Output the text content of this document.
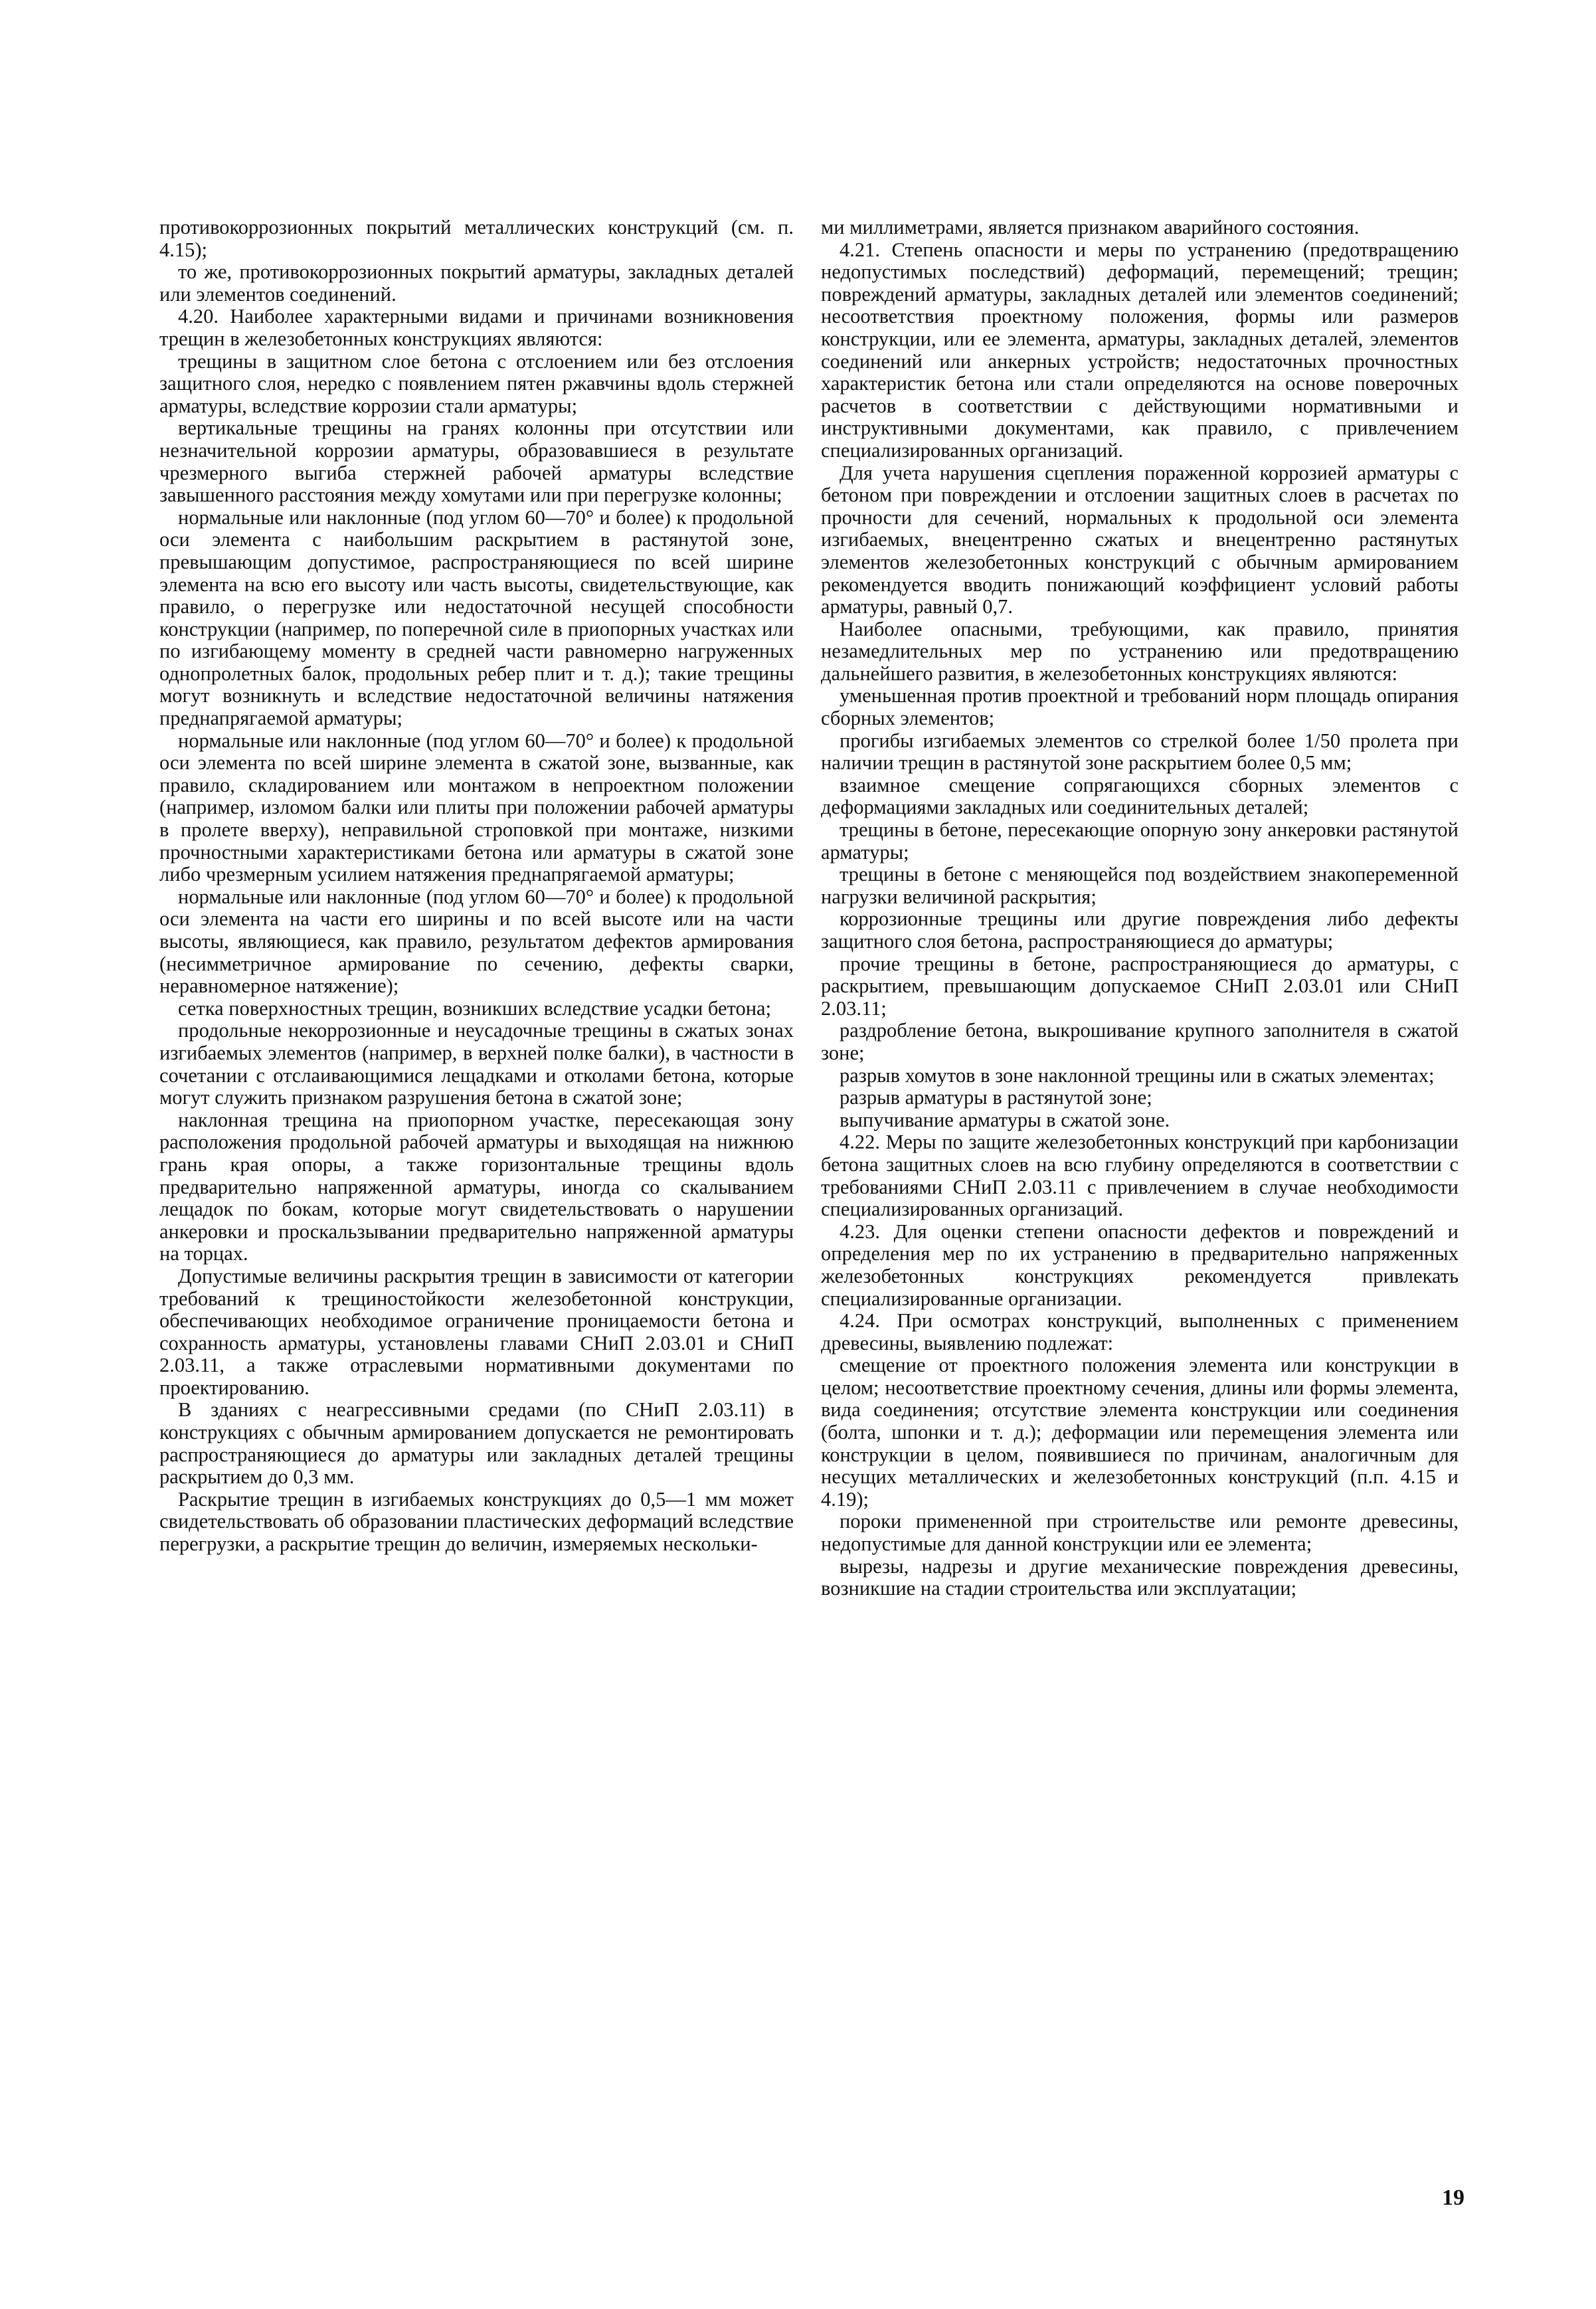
противокоррозионных покрытий металлических конструкций (см. п. 4.15);

то же, противокоррозионных покрытий арматуры, закладных деталей или элементов соединений.

4.20. Наиболее характерными видами и причинами возникновения трещин в железобетонных конструкциях являются:

трещины в защитном слое бетона с отслоением или без отслоения защитного слоя, нередко с появлением пятен ржавчины вдоль стержней арматуры, вследствие коррозии стали арматуры;

вертикальные трещины на гранях колонны при отсутствии или незначительной коррозии арматуры, образовавшиеся в результате чрезмерного выгиба стержней рабочей арматуры вследствие завышенного расстояния между хомутами или при перегрузке колонны;

нормальные или наклонные (под углом 60—70° и более) к продольной оси элемента с наибольшим раскрытием в растянутой зоне, превышающим допустимое, распространяющиеся по всей ширине элемента на всю его высоту или часть высоты, свидетельствующие, как правило, о перегрузке или недостаточной несущей способности конструкции (например, по поперечной силе в приопорных участках или по изгибающему моменту в средней части равномерно нагруженных однопролетных балок, продольных ребер плит и т. д.); такие трещины могут возникнуть и вследствие недостаточной величины натяжения преднапрягаемой арматуры;

нормальные или наклонные (под углом 60—70° и более) к продольной оси элемента по всей ширине элемента в сжатой зоне, вызванные, как правило, складированием или монтажом в непроектном положении (например, изломом балки или плиты при положении рабочей арматуры в пролете вверху), неправильной строповкой при монтаже, низкими прочностными характеристиками бетона или арматуры в сжатой зоне либо чрезмерным усилием натяжения преднапрягаемой арматуры;

нормальные или наклонные (под углом 60—70° и более) к продольной оси элемента на части его ширины и по всей высоте или на части высоты, являющиеся, как правило, результатом дефектов армирования (несимметричное армирование по сечению, дефекты сварки, неравномерное натяжение);

сетка поверхностных трещин, возникших вследствие усадки бетона;

продольные некоррозионные и неусадочные трещины в сжатых зонах изгибаемых элементов (например, в верхней полке балки), в частности в сочетании с отслаивающимися лещадками и отколами бетона, которые могут служить признаком разрушения бетона в сжатой зоне;

наклонная трещина на приопорном участке, пересекающая зону расположения продольной рабочей арматуры и выходящая на нижнюю грань края опоры, а также горизонтальные трещины вдоль предварительно напряженной арматуры, иногда со скалыванием лещадок по бокам, которые могут свидетельствовать о нарушении анкеровки и проскальзывании предварительно напряженной арматуры на торцах.

Допустимые величины раскрытия трещин в зависимости от категории требований к трещиностойкости железобетонной конструкции, обеспечивающих необходимое ограничение проницаемости бетона и сохранность арматуры, установлены главами СНиП 2.03.01 и СНиП 2.03.11, а также отраслевыми нормативными документами по проектированию.

В зданиях с неагрессивными средами (по СНиП 2.03.11) в конструкциях с обычным армированием допускается не ремонтировать распространяющиеся до арматуры или закладных деталей трещины раскрытием до 0,3 мм.

Раскрытие трещин в изгибаемых конструкциях до 0,5—1 мм может свидетельствовать об образовании пластических деформаций вследствие перегрузки, а раскрытие трещин до величин, измеряемых нескольки-

ми миллиметрами, является признаком аварийного состояния.

4.21. Степень опасности и меры по устранению (предотвращению недопустимых последствий) деформаций, перемещений; трещин; повреждений арматуры, закладных деталей или элементов соединений; несоответствия проектному положения, формы или размеров конструкции, или ее элемента, арматуры, закладных деталей, элементов соединений или анкерных устройств; недостаточных прочностных характеристик бетона или стали определяются на основе поверочных расчетов в соответствии с действующими нормативными и инструктивными документами, как правило, с привлечением специализированных организаций.

Для учета нарушения сцепления пораженной коррозией арматуры с бетоном при повреждении и отслоении защитных слоев в расчетах по прочности для сечений, нормальных к продольной оси элемента изгибаемых, внецентренно сжатых и внецентренно растянутых элементов железобетонных конструкций с обычным армированием рекомендуется вводить понижающий коэффициент условий работы арматуры, равный 0,7.

Наиболее опасными, требующими, как правило, принятия незамедлительных мер по устранению или предотвращению дальнейшего развития, в железобетонных конструкциях являются:

уменьшенная против проектной и требований норм площадь опирания сборных элементов;

прогибы изгибаемых элементов со стрелкой более 1/50 пролета при наличии трещин в растянутой зоне раскрытием более 0,5 мм;

взаимное смещение сопрягающихся сборных элементов с деформациями закладных или соединительных деталей;

трещины в бетоне, пересекающие опорную зону анкеровки растянутой арматуры;

трещины в бетоне с меняющейся под воздействием знакопеременной нагрузки величиной раскрытия;

коррозионные трещины или другие повреждения либо дефекты защитного слоя бетона, распространяющиеся до арматуры;

прочие трещины в бетоне, распространяющиеся до арматуры, с раскрытием, превышающим допускаемое СНиП 2.03.01 или СНиП 2.03.11;

раздробление бетона, выкрошивание крупного заполнителя в сжатой зоне;

разрыв хомутов в зоне наклонной трещины или в сжатых элементах;

разрыв арматуры в растянутой зоне;

выпучивание арматуры в сжатой зоне.

4.22. Меры по защите железобетонных конструкций при карбонизации бетона защитных слоев на всю глубину определяются в соответствии с требованиями СНиП 2.03.11 с привлечением в случае необходимости специализированных организаций.

4.23. Для оценки степени опасности дефектов и повреждений и определения мер по их устранению в предварительно напряженных железобетонных конструкциях рекомендуется привлекать специализированные организации.

4.24. При осмотрах конструкций, выполненных с применением древесины, выявлению подлежат:

смещение от проектного положения элемента или конструкции в целом; несоответствие проектному сечения, длины или формы элемента, вида соединения; отсутствие элемента конструкции или соединения (болта, шпонки и т. д.); деформации или перемещения элемента или конструкции в целом, появившиеся по причинам, аналогичным для несущих металлических и железобетонных конструкций (п.п. 4.15 и 4.19);

пороки примененной при строительстве или ремонте древесины, недопустимые для данной конструкции или ее элемента;

вырезы, надрезы и другие механические повреждения древесины, возникшие на стадии строительства или эксплуатации;

19
